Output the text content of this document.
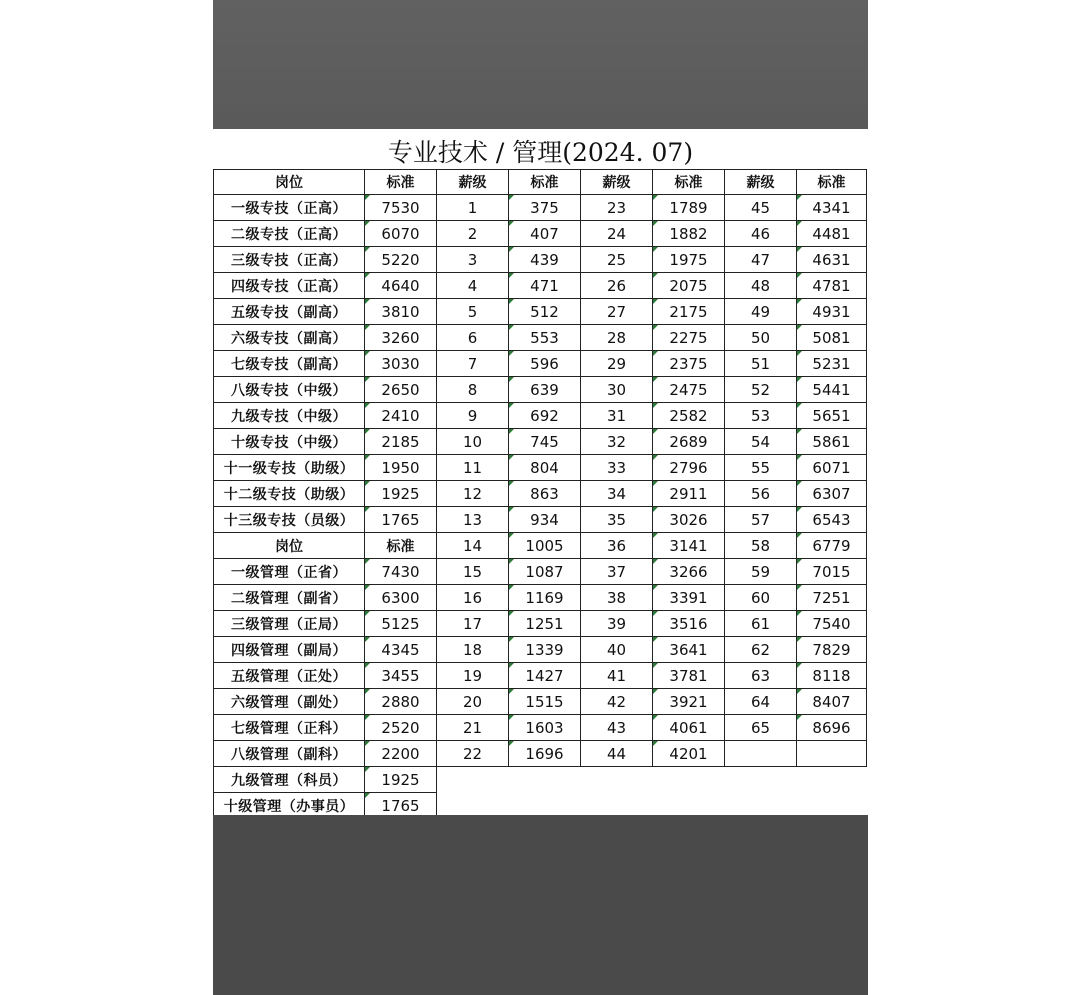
专业技术 / 管理(2024. 07)
岗位	标准	薪级	标准	薪级	标准	薪级	标准
一级专技（正高）	7530	1	375	23	1789	45	4341
二级专技（正高）	6070	2	407	24	1882	46	4481
三级专技（正高）	5220	3	439	25	1975	47	4631
四级专技（正高）	4640	4	471	26	2075	48	4781
五级专技（副高）	3810	5	512	27	2175	49	4931
六级专技（副高）	3260	6	553	28	2275	50	5081
七级专技（副高）	3030	7	596	29	2375	51	5231
八级专技（中级）	2650	8	639	30	2475	52	5441
九级专技（中级）	2410	9	692	31	2582	53	5651
十级专技（中级）	2185	10	745	32	2689	54	5861
十一级专技（助级）	1950	11	804	33	2796	55	6071
十二级专技（助级）	1925	12	863	34	2911	56	6307
十三级专技（员级）	1765	13	934	35	3026	57	6543
岗位	标准	14	1005	36	3141	58	6779
一级管理（正省）	7430	15	1087	37	3266	59	7015
二级管理（副省）	6300	16	1169	38	3391	60	7251
三级管理（正局）	5125	17	1251	39	3516	61	7540
四级管理（副局）	4345	18	1339	40	3641	62	7829
五级管理（正处）	3455	19	1427	41	3781	63	8118
六级管理（副处）	2880	20	1515	42	3921	64	8407
七级管理（正科）	2520	21	1603	43	4061	65	8696
八级管理（副科）	2200	22	1696	44	4201		
九级管理（科员）	1925						
十级管理（办事员）	1765						
